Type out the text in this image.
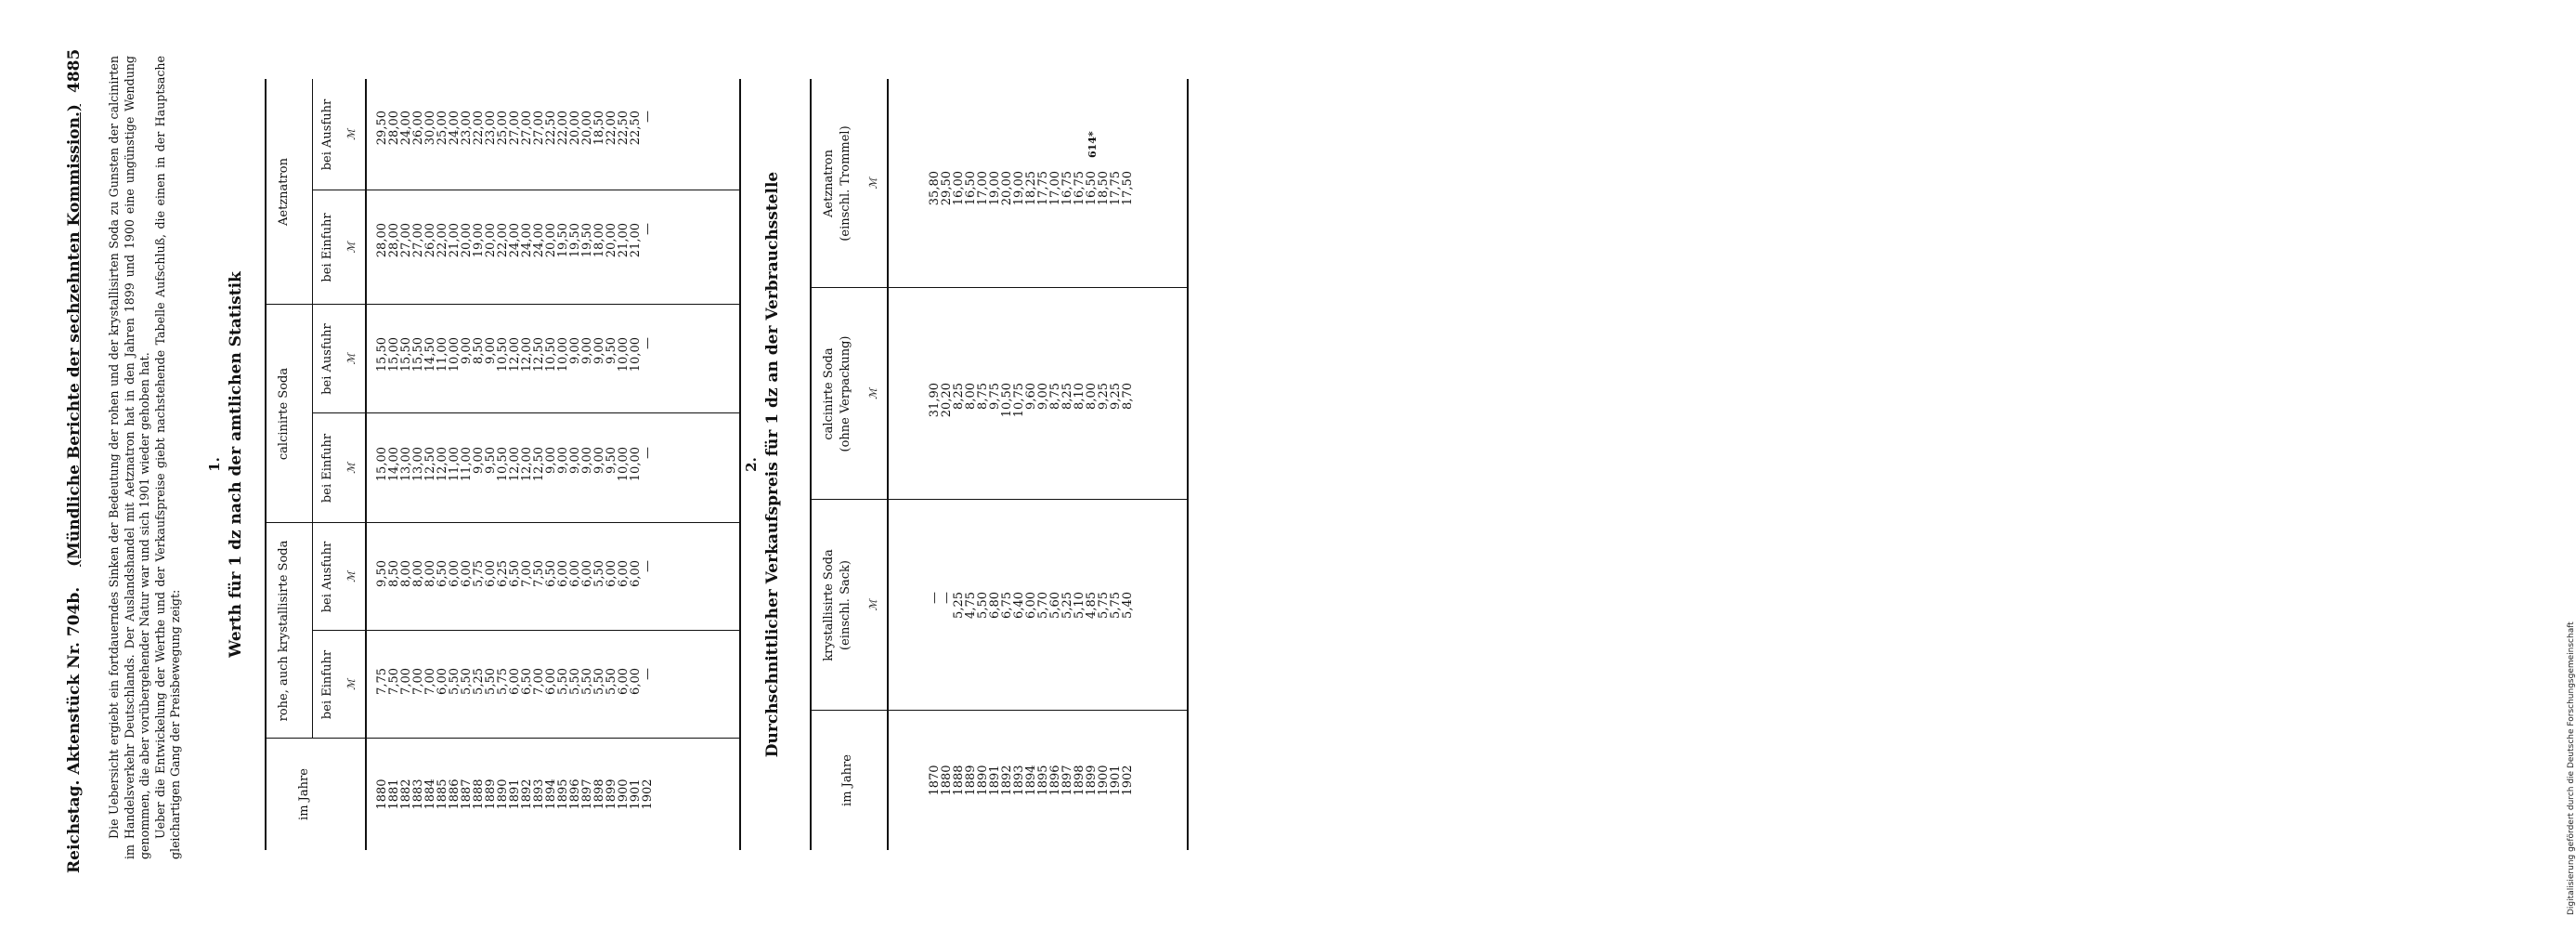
Reichstag. Aktenstück Nr. 704b.
(Mündliche Berichte der sechzehnten Kommission.)
4885 Die Uebersicht ergiebt ein fortdauerndes Sinken der Bedeutung der rohen und der krystallisirten Soda zu Gunsten der calcinirten im Handelsverkehr Deutschlands. Der Auslandshandel mit Aetznatron hat in den Jahren 1899 und 1900 eine ungünstige Wendung genommen, die aber vorübergehender Natur war und sich 1901 wieder gehoben hat. Ueber die Entwickelung der Werthe und der Verkaufspreise giebt nachstehende Tabelle Aufschluß, die einen in der Hauptsache gleichartigen Gang der Preisbewegung zeigt:

1. Werth für 1 dz nach der amtlichen Statistik
im Jahre
rohe, auch krystallisirte Soda
calcinirte Soda
Aetznatron
bei Einfuhr
bei Ausfuhr
bei Einfuhr
bei Ausfuhr
bei Einfuhr
bei Ausfuhr
ℳ
ℳ
ℳ
ℳ
ℳ
ℳ
1880
1881
1882
1883
1884
1885
1886
1887
1888
1889
1890
1891
1892
1893
1894
1895
1896
1897
1898
1899
1900
1901
1902
7,75
7,50
7,00
7,00
7,00
6,00
5,50
5,50
5,25
5,50
5,75
6,00
6,50
7,00
6,00
5,50
5,50
5,50
5,50
5,50
6,00
6,00
—
9,50
8,50
8,00
8,00
8,00
6,50
6,00
6,00
5,75
6,00
6,25
6,50
7,00
7,50
6,50
6,00
6,00
6,00
5,50
6,00
6,00
6,00
—
15,00
14,00
13,00
13,00
12,50
12,00
11,00
11,00
9,00
9,50
10,50
12,00
12,00
12,50
9,00
9,00
9,00
9,00
9,00
9,50
10,00
10,00
—
15,50
15,00
15,50
15,50
14,50
11,00
10,00
9,00
8,50
9,00
10,50
12,00
12,00
12,50
10,50
10,00
9,00
9,00
9,00
9,50
10,00
10,00
—
28,00
28,00
27,00
27,00
26,00
22,00
21,00
20,00
19,00
20,00
22,00
24,00
24,00
24,00
20,00
19,50
19,50
19,50
18,00
20,00
21,00
21,00
—
29,50
28,00
24,00
26,00
30,00
25,00
24,00
23,00
22,00
23,00
25,00
27,00
27,00
27,00
22,50
22,00
20,00
20,00
18,50
22,00
22,50
22,50
—
2. Durchschnittlicher Verkaufspreis für 1 dz an der Verbrauchsstelle
im Jahre
krystallisirte Soda (einschl. Sack)
calcinirte Soda (ohne Verpackung)
Aetznatron (einschl. Trommel)
ℳ
ℳ
ℳ
1870
1880
1888
1889
1890
1891
1892
1893
1894
1895
1896
1897
1898
1899
1900
1901
1902
—
—
5,25
4,75
5,50
6,80
6,75
6,40
6,00
5,70
5,60
5,25
5,10
4,85
5,75
5,75
5,40
31,90
20,20
8,25
8,00
8,75
9,75
10,50
10,75
9,60
9,00
8,75
8,25
8,10
8,00
9,25
9,25
8,70
35,80
29,50
16,00
16,50
17,00
19,00
20,00
19,00
18,25
17,75
17,00
16,75
16,75
16,50
18,50
17,75
17,50
614*
Digitalisierung gefördert durch die Deutsche Forschungsgemeinschaft
